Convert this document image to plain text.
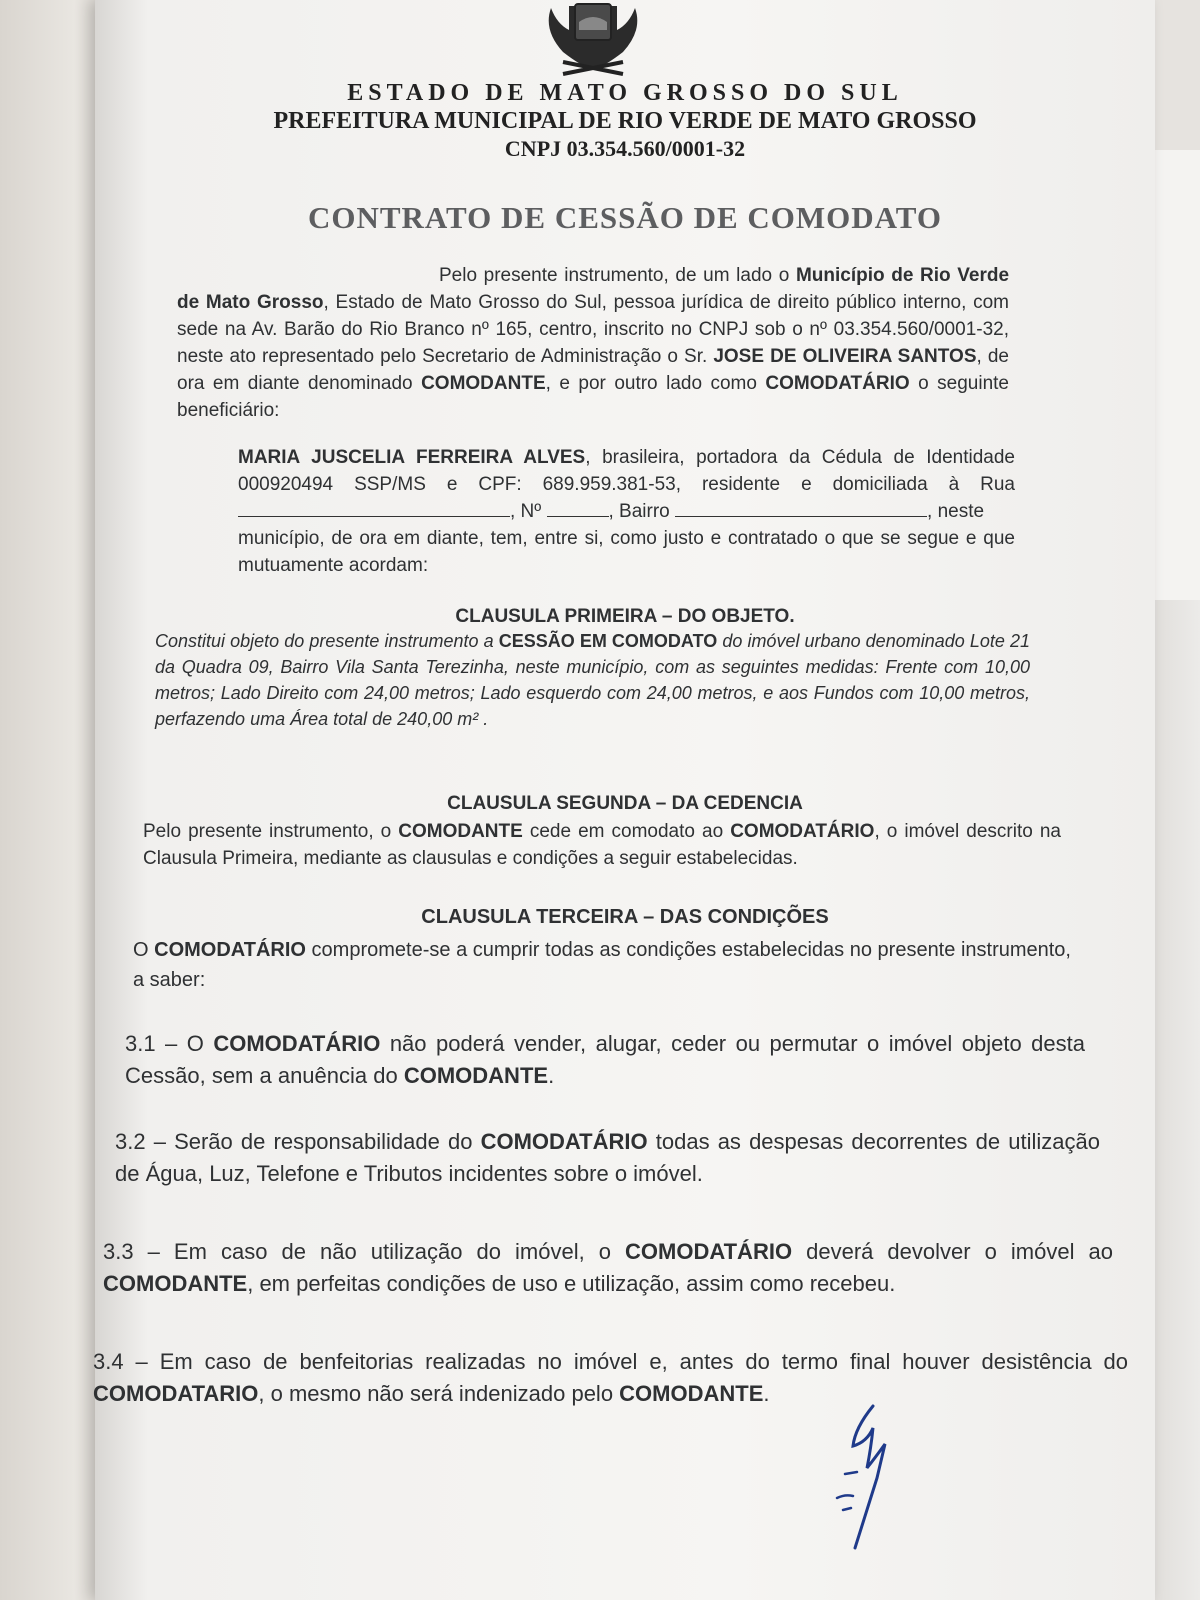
ESTADO DE MATO GROSSO DO SUL
PREFEITURA MUNICIPAL DE RIO VERDE DE MATO GROSSO
CNPJ 03.354.560/0001-32
CONTRATO DE CESSÃO DE COMODATO

Pelo presente instrumento, de um lado o Município de Rio Verde de Mato Grosso, Estado de Mato Grosso do Sul, pessoa jurídica de direito público interno, com sede na Av. Barão do Rio Branco nº 165, centro, inscrito no CNPJ sob o nº 03.354.560/0001-32, neste ato representado pelo Secretario de Administração o Sr. JOSE DE OLIVEIRA SANTOS, de ora em diante denominado COMODANTE, e por outro lado como COMODATÁRIO o seguinte beneficiário:

MARIA JUSCELIA FERREIRA ALVES, brasileira, portadora da Cédula de Identidade 000920494 SSP/MS e CPF: 689.959.381-53, residente e domiciliada à Rua

, Nº	, Bairro	, neste

município, de ora em diante, tem, entre si, como justo e contratado o que se segue e que mutuamente acordam:

CLAUSULA PRIMEIRA – DO OBJETO.

Constitui objeto do presente instrumento a CESSÃO EM COMODATO do imóvel urbano denominado Lote 21 da Quadra 09, Bairro Vila Santa Terezinha, neste município, com as seguintes medidas: Frente com 10,00 metros; Lado Direito com 24,00 metros; Lado esquerdo com 24,00 metros, e aos Fundos com 10,00 metros, perfazendo uma Área total de 240,00 m² .

CLAUSULA SEGUNDA – DA CEDENCIA

Pelo presente instrumento, o COMODANTE cede em comodato ao COMODATÁRIO, o imóvel descrito na Clausula Primeira, mediante as clausulas e condições a seguir estabelecidas.

CLAUSULA TERCEIRA – DAS CONDIÇÕES

O COMODATÁRIO compromete-se a cumprir todas as condições estabelecidas no presente instrumento, a saber:

3.1 – O COMODATÁRIO não poderá vender, alugar, ceder ou permutar o imóvel objeto desta Cessão, sem a anuência do COMODANTE.

3.2 – Serão de responsabilidade do COMODATÁRIO todas as despesas decorrentes de utilização de Água, Luz, Telefone e Tributos incidentes sobre o imóvel.

3.3 – Em caso de não utilização do imóvel, o COMODATÁRIO deverá devolver o imóvel ao COMODANTE, em perfeitas condições de uso e utilização, assim como recebeu.

3.4 – Em caso de benfeitorias realizadas no imóvel e, antes do termo final houver desistência do COMODATARIO, o mesmo não será indenizado pelo COMODANTE.
